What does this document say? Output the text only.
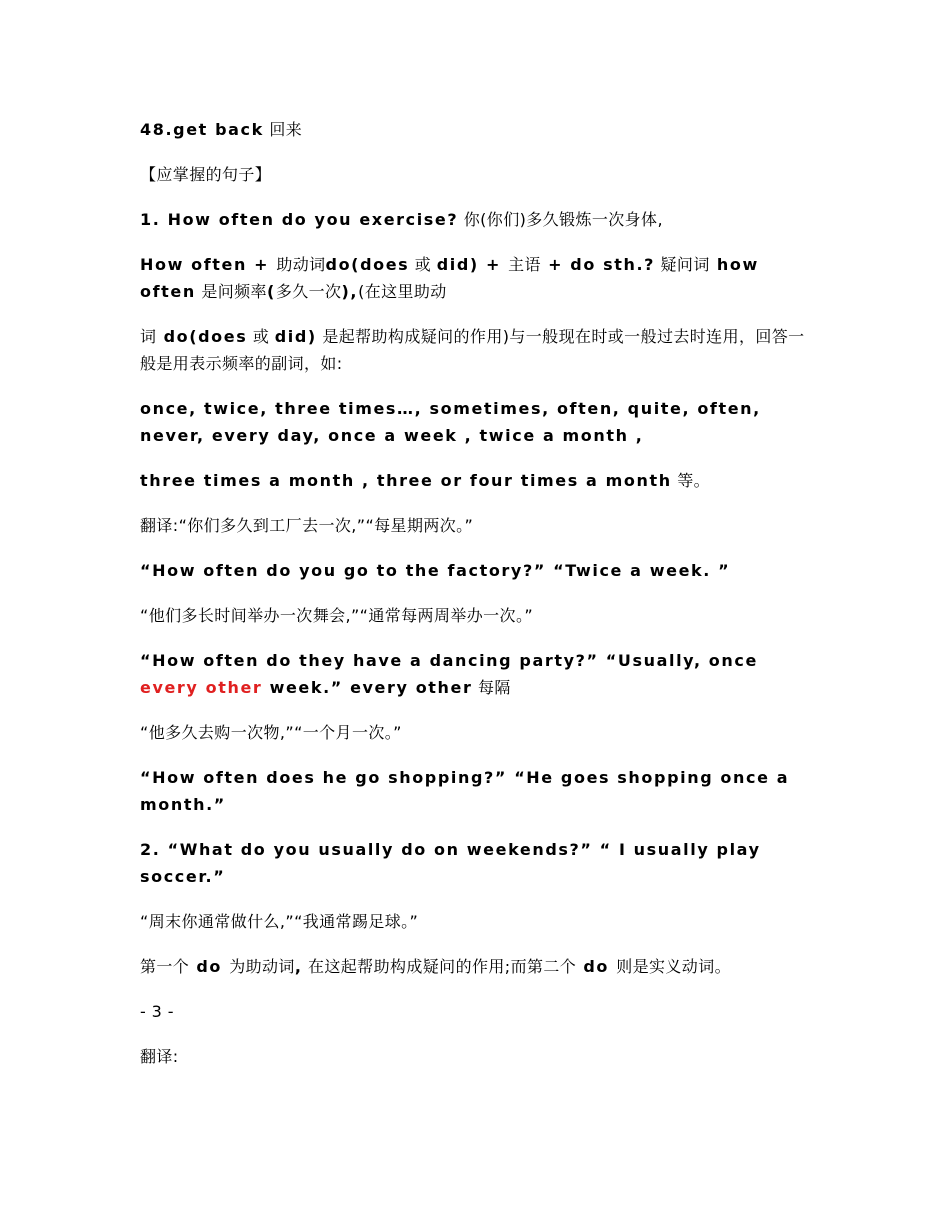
48.get back 回来

【应掌握的句子】

1. How often do you exercise? 你(你们)多久锻炼一次身体,

How often + 助动词do(does 或 did) + 主语 + do sth.? 疑问词 how often 是问频率(多久一次),(在这里助动

词 do(does 或 did) 是起帮助构成疑问的作用)与一般现在时或一般过去时连用，回答一般是用表示频率的副词，如:

once, twice, three times…, sometimes, often, quite, often, never, every day, once a week , twice a month ,

three times a month , three or four times a month 等。

翻译:“你们多久到工厂去一次,”“每星期两次。”

“How often do you go to the factory?” “Twice a week. ”

“他们多长时间举办一次舞会,”“通常每两周举办一次。”

“How often do they have a dancing party?” “Usually, once every other week.” every other 每隔

“他多久去购一次物,”“一个月一次。”

“How often does he go shopping?” “He goes shopping once a month.”

2. “What do you usually do on weekends?” “ I usually play soccer.”

“周末你通常做什么,”“我通常踢足球。”

第一个 do 为助动词, 在这起帮助构成疑问的作用;而第二个 do 则是实义动词。

- 3 -

翻译:
